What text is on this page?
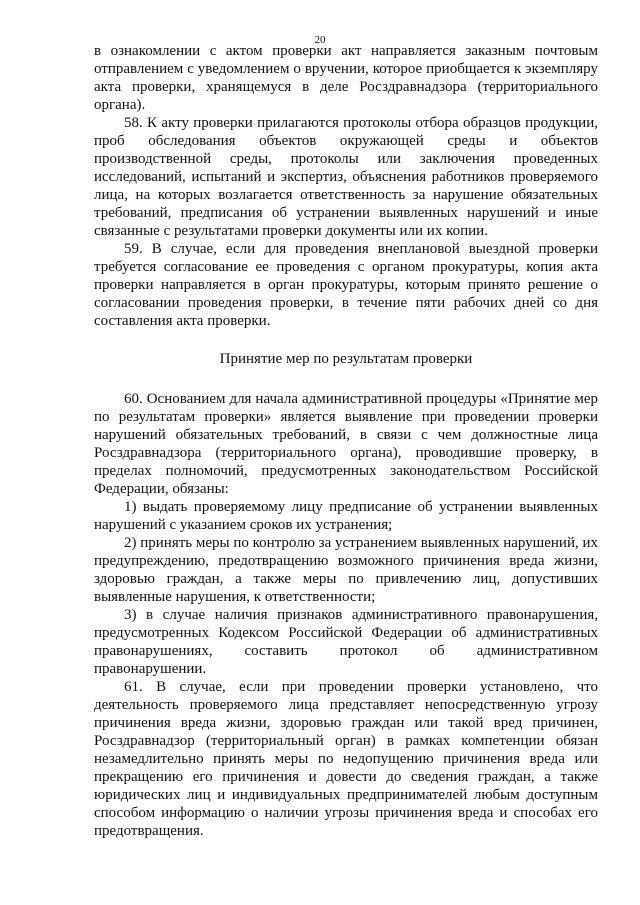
20

в ознакомлении с актом проверки акт направляется заказным почтовым отправлением с уведомлением о вручении, которое приобщается к экземпляру акта проверки, хранящемуся в деле Росздравнадзора (территориального органа).

58. К акту проверки прилагаются протоколы отбора образцов продукции, проб обследования объектов окружающей среды и объектов производственной среды, протоколы или заключения проведенных исследований, испытаний и экспертиз, объяснения работников проверяемого лица, на которых возлагается ответственность за нарушение обязательных требований, предписания об устранении выявленных нарушений и иные связанные с результатами проверки документы или их копии.

59. В случае, если для проведения внеплановой выездной проверки требуется согласование ее проведения с органом прокуратуры, копия акта проверки направляется в орган прокуратуры, которым принято решение о согласовании проведения проверки, в течение пяти рабочих дней со дня составления акта проверки.

Принятие мер по результатам проверки

60. Основанием для начала административной процедуры «Принятие мер по результатам проверки» является выявление при проведении проверки нарушений обязательных требований, в связи с чем должностные лица Росздравнадзора (территориального органа), проводившие проверку, в пределах полномочий, предусмотренных законодательством Российской Федерации, обязаны:

1) выдать проверяемому лицу предписание об устранении выявленных нарушений с указанием сроков их устранения;

2) принять меры по контролю за устранением выявленных нарушений, их предупреждению, предотвращению возможного причинения вреда жизни, здоровью граждан, а также меры по привлечению лиц, допустивших выявленные нарушения, к ответственности;

3) в случае наличия признаков административного правонарушения, предусмотренных Кодексом Российской Федерации об административных правонарушениях, составить протокол об административном правонарушении.

61. В случае, если при проведении проверки установлено, что деятельность проверяемого лица представляет непосредственную угрозу причинения вреда жизни, здоровью граждан или такой вред причинен, Росздравнадзор (территориальный орган) в рамках компетенции обязан незамедлительно принять меры по недопущению причинения вреда или прекращению его причинения и довести до сведения граждан, а также юридических лиц и индивидуальных предпринимателей любым доступным способом информацию о наличии угрозы причинения вреда и способах его предотвращения.
